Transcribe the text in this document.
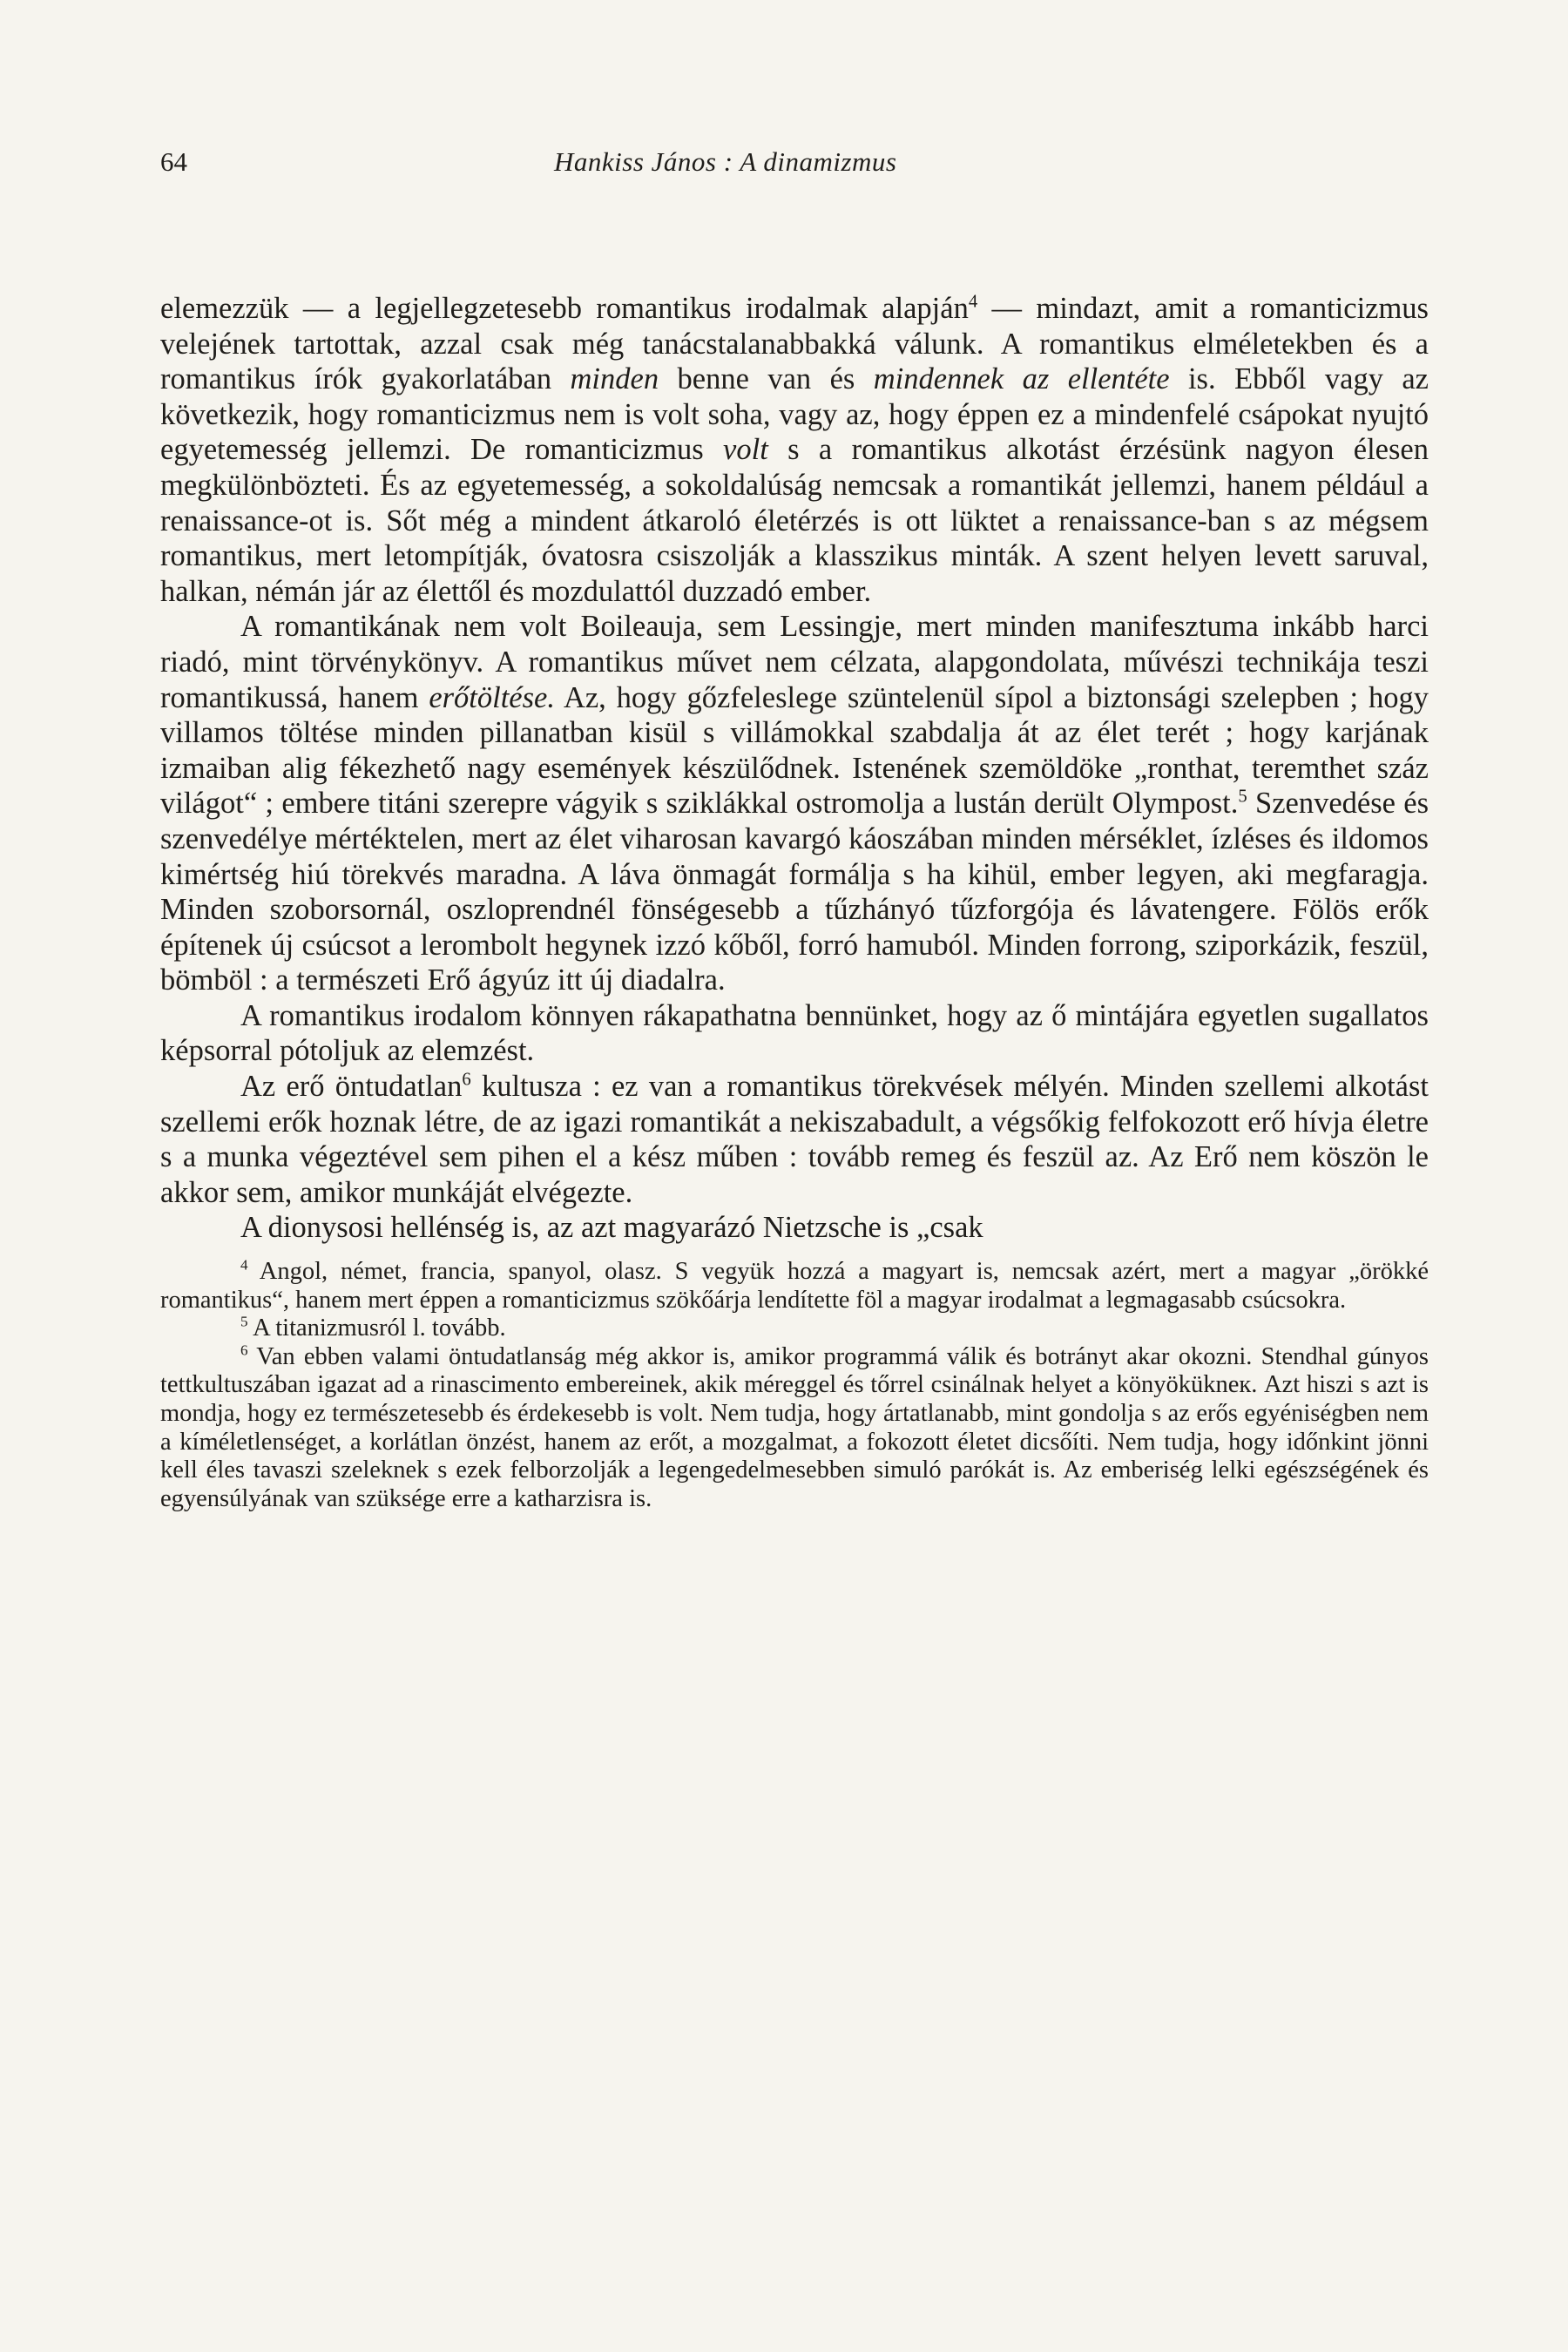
64	Hankiss János : A dinamizmus

elemezzük — a legjellegzetesebb romantikus irodalmak alapján$^4$ — mindazt, amit a romanticizmus velejének tartottak, azzal csak még tanácstalanabbakká válunk. A romantikus elméletekben és a romantikus írók gyakorlatában minden benne van és mindennek az ellentéte is. Ebből vagy az következik, hogy romanticizmus nem is volt soha, vagy az, hogy éppen ez a mindenfelé csápokat nyujtó egyetemesség jellemzi. De romanticizmus volt s a romantikus alkotást érzésünk nagyon élesen megkülönbözteti. És az egyetemesség, a sokoldalúság nemcsak a romantikát jellemzi, hanem például a renaissance-ot is. Sőt még a mindent átkaroló életérzés is ott lüktet a renaissance-ban s az mégsem romantikus, mert letompítják, óvatosra csiszolják a klasszikus minták. A szent helyen levett saruval, halkan, némán jár az élettől és mozdulattól duzzadó ember.

A romantikának nem volt Boileauja, sem Lessingje, mert minden manifesztuma inkább harci riadó, mint törvénykönyv. A romantikus művet nem célzata, alapgondolata, művészi technikája teszi romantikussá, hanem erőtöltése. Az, hogy gőzfeleslege szüntelenül sípol a biztonsági szelepben ; hogy villamos töltése minden pillanatban kisül s villámokkal szabdalja át az élet terét ; hogy karjának izmaiban alig fékezhető nagy események készülődnek. Istenének szemöldöke „ronthat, teremthet száz világot“ ; embere titáni szerepre vágyik s sziklákkal ostromolja a lustán derült Olympost.$^5$ Szenvedése és szenvedélye mértéktelen, mert az élet viharosan kavargó káoszában minden mérséklet, ízléses és ildomos kimértség hiú törekvés maradna. A láva önmagát formálja s ha kihül, ember legyen, aki megfaragja. Minden szoborsornál, oszloprendnél fönségesebb a tűzhányó tűzforgója és lávatengere. Fölös erők építenek új csúcsot a lerombolt hegynek izzó kőből, forró hamuból. Minden forrong, sziporkázik, feszül, bömböl : a természeti Erő ágyúz itt új diadalra.

A romantikus irodalom könnyen rákapathatna bennünket, hogy az ő mintájára egyetlen sugallatos képsorral pótoljuk az elemzést.

Az erő öntudatlan$^6$ kultusza : ez van a romantikus törekvések mélyén. Minden szellemi alkotást szellemi erők hoznak létre, de az igazi romantikát a nekiszabadult, a végsőkig felfokozott erő hívja életre s a munka végeztével sem pihen el a kész műben : tovább remeg és feszül az. Az Erő nem köszön le akkor sem, amikor munkáját elvégezte.

A dionysosi hellénség is, az azt magyarázó Nietzsche is „csak

$^4$ Angol, német, francia, spanyol, olasz. S vegyük hozzá a magyart is, nemcsak azért, mert a magyar „örökké romantikus“, hanem mert éppen a romanticizmus szökőárja lendítette föl a magyar irodalmat a legmagasabb csúcsokra.

$^5$ A titanizmusról l. tovább.

$^6$ Van ebben valami öntudatlanság még akkor is, amikor programmá válik és botrányt akar okozni. Stendhal gúnyos tettkultuszában igazat ad a rinascimento embereinek, akik méreggel és tőrrel csinálnak helyet a könyökükneк. Azt hiszi s azt is mondja, hogy ez természetesebb és érdekesebb is volt. Nem tudja, hogy ártatlanabb, mint gondolja s az erős egyéniségben nem a kíméletlenséget, a korlátlan önzést, hanem az erőt, a mozgalmat, a fokozott életet dicsőíti. Nem tudja, hogy időnkint jönni kell éles tavaszi szeleknek s ezek felborzolják a legengedelmesebben simuló parókát is. Az emberiség lelki egészségének és egyensúlyának van szüksége erre a katharzisra is.
